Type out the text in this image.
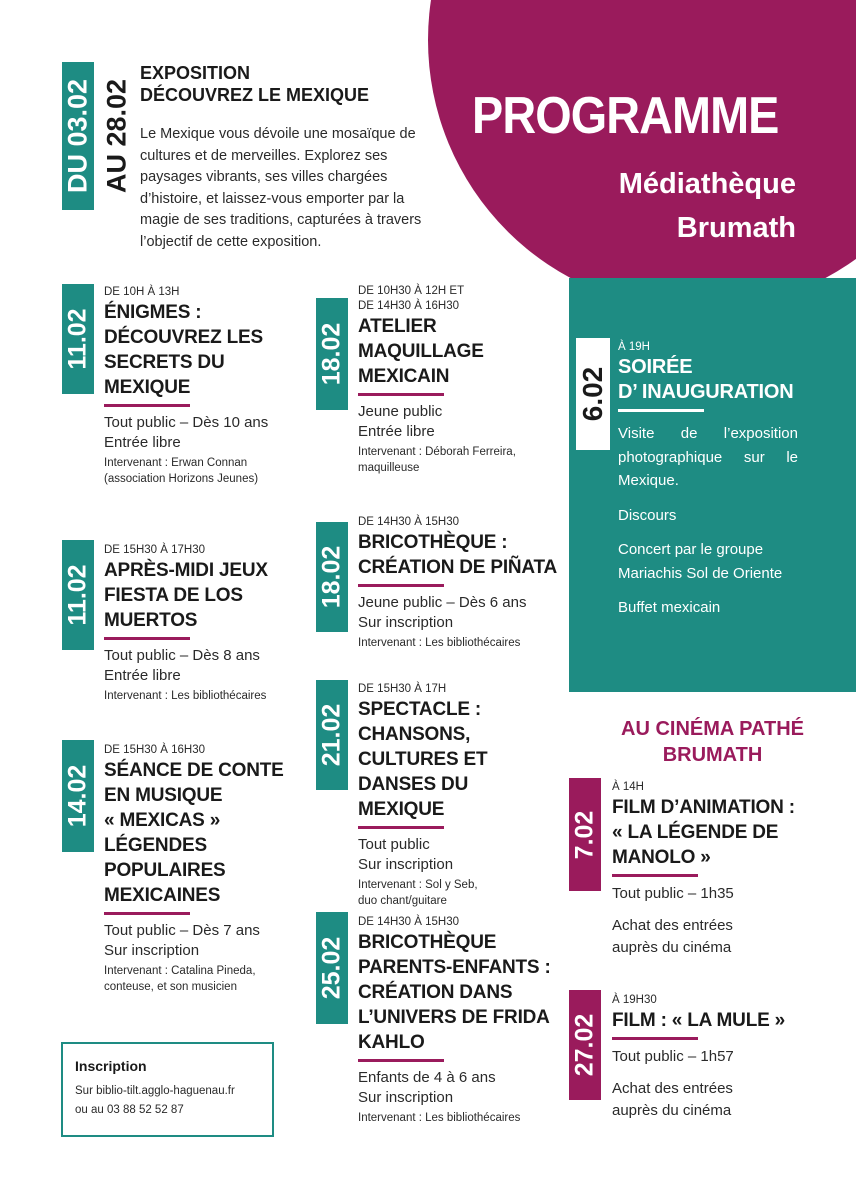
PROGRAMME
Médiathèque
Brumath
DU 03.02 AU 28.02
EXPOSITION
DÉCOUVREZ LE MEXIQUE
Le Mexique vous dévoile une mosaïque de cultures et de merveilles. Explorez ses paysages vibrants, ses villes chargées d’histoire, et laissez-vous emporter par la magie de ses traditions, capturées à travers l’objectif de cette exposition.
11.02
DE 10H À 13H
ÉNIGMES :
DÉCOUVREZ LES
SECRETS DU
MEXIQUE
Tout public – Dès 10 ans
Entrée libre
Intervenant : Erwan Connan
(association Horizons Jeunes)
11.02
DE 15H30 À 17H30
APRÈS-MIDI JEUX
FIESTA DE LOS
MUERTOS
Tout public – Dès 8 ans
Entrée libre
Intervenant : Les bibliothécaires
14.02
DE 15H30 À 16H30
SÉANCE DE CONTE
EN MUSIQUE
« MEXICAS »
LÉGENDES
POPULAIRES
MEXICAINES
Tout public – Dès 7 ans
Sur inscription
Intervenant : Catalina Pineda,
conteuse, et son musicien
18.02
DE 10H30 À 12H ET
DE 14H30 À 16H30
ATELIER
MAQUILLAGE
MEXICAIN
Jeune public
Entrée libre
Intervenant : Déborah Ferreira,
maquilleuse
18.02
DE 14H30 À 15H30
BRICOTHÈQUE :
CRÉATION DE PIÑATA
Jeune public – Dès 6 ans
Sur inscription
Intervenant : Les bibliothécaires
21.02
DE 15H30 À 17H
SPECTACLE :
CHANSONS,
CULTURES ET
DANSES DU MEXIQUE
Tout public
Sur inscription
Intervenant : Sol y Seb,
duo chant/guitare
25.02
DE 14H30 À 15H30
BRICOTHÈQUE
PARENTS-ENFANTS :
CRÉATION DANS
L’UNIVERS DE FRIDA
KAHLO
Enfants de 4 à 6 ans
Sur inscription
Intervenant : Les bibliothécaires
6.02
À 19H
SOIRÉE
D’ INAUGURATION
Visite de l’exposition photographique sur le Mexique.
Discours
Concert par le groupe Mariachis Sol de Oriente
Buffet mexicain
AU CINÉMA PATHÉ
BRUMATH
7.02
À 14H
FILM D’ANIMATION :
« LA LÉGENDE DE
MANOLO »
Tout public – 1h35
Achat des entrées
auprès du cinéma
27.02
À 19H30
FILM : « LA MULE »
Tout public – 1h57
Achat des entrées
auprès du cinéma
Inscription
Sur biblio-tilt.agglo-haguenau.fr
ou au 03 88 52 52 87
